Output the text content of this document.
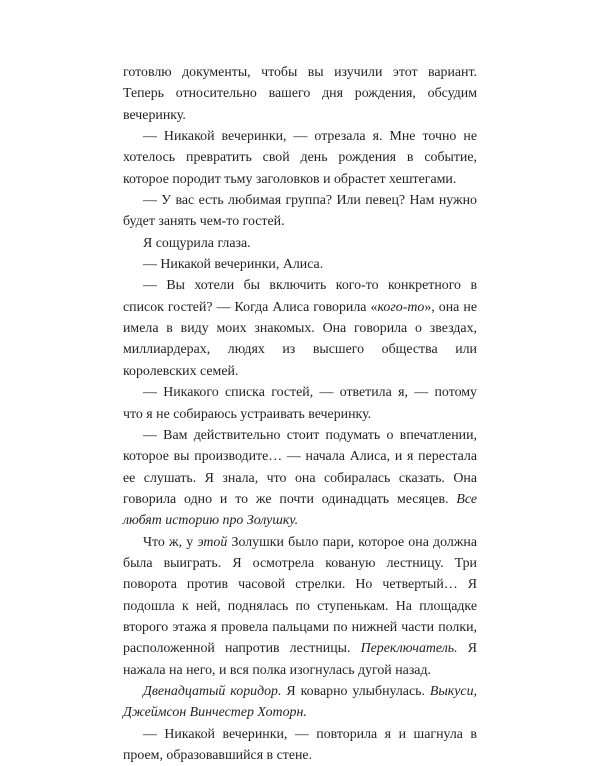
готовлю документы, чтобы вы изучили этот вариант. Теперь относительно вашего дня рождения, обсудим вечеринку.

— Никакой вечеринки, — отрезала я. Мне точно не хотелось превратить свой день рождения в событие, которое породит тьму заголовков и обрастет хештегами.

— У вас есть любимая группа? Или певец? Нам нужно будет занять чем-то гостей.

Я сощурила глаза.

— Никакой вечеринки, Алиса.

— Вы хотели бы включить кого-то конкретного в список гостей? — Когда Алиса говорила «кого-то», она не имела в виду моих знакомых. Она говорила о звездах, миллиардерах, людях из высшего общества или королевских семей.

— Никакого списка гостей, — ответила я, — потому что я не собираюсь устраивать вечеринку.

— Вам действительно стоит подумать о впечатлении, которое вы производите… — начала Алиса, и я перестала ее слушать. Я знала, что она собиралась сказать. Она говорила одно и то же почти одинадцать месяцев. Все любят историю про Золушку.

Что ж, у этой Золушки было пари, которое она должна была выиграть. Я осмотрела кованую лестницу. Три поворота против часовой стрелки. Но четвертый… Я подошла к ней, поднялась по ступенькам. На площадке второго этажа я провела пальцами по нижней части полки, расположенной напротив лестницы. Переключатель. Я нажала на него, и вся полка изогнулась дугой назад.

Двенадцатый коридор. Я коварно улыбнулась. Выкуси, Джеймсон Винчестер Хоторн.

— Никакой вечеринки, — повторила я и шагнула в проем, образовавшийся в стене.
